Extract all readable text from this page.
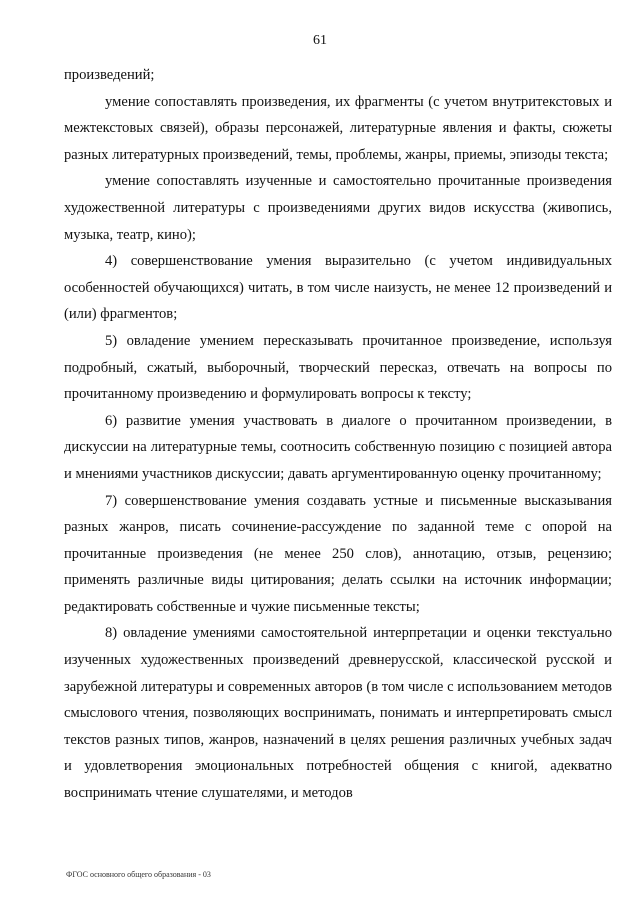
61

произведений;

умение сопоставлять произведения, их фрагменты (с учетом внутритекстовых и межтекстовых связей), образы персонажей, литературные явления и факты, сюжеты разных литературных произведений, темы, проблемы, жанры, приемы, эпизоды текста;

умение сопоставлять изученные и самостоятельно прочитанные произведения художественной литературы с произведениями других видов искусства (живопись, музыка, театр, кино);

4) совершенствование умения выразительно (с учетом индивидуальных особенностей обучающихся) читать, в том числе наизусть, не менее 12 произведений и (или) фрагментов;

5) овладение умением пересказывать прочитанное произведение, используя подробный, сжатый, выборочный, творческий пересказ, отвечать на вопросы по прочитанному произведению и формулировать вопросы к тексту;

6) развитие умения участвовать в диалоге о прочитанном произведении, в дискуссии на литературные темы, соотносить собственную позицию с позицией автора и мнениями участников дискуссии; давать аргументированную оценку прочитанному;

7) совершенствование умения создавать устные и письменные высказывания разных жанров, писать сочинение-рассуждение по заданной теме с опорой на прочитанные произведения (не менее 250 слов), аннотацию, отзыв, рецензию; применять различные виды цитирования; делать ссылки на источник информации; редактировать собственные и чужие письменные тексты;

8) овладение умениями самостоятельной интерпретации и оценки текстуально изученных художественных произведений древнерусской, классической русской и зарубежной литературы и современных авторов (в том числе с использованием методов смыслового чтения, позволяющих воспринимать, понимать и интерпретировать смысл текстов разных типов, жанров, назначений в целях решения различных учебных задач и удовлетворения эмоциональных потребностей общения с книгой, адекватно воспринимать чтение слушателями, и методов

ФГОС основного общего образования - 03
